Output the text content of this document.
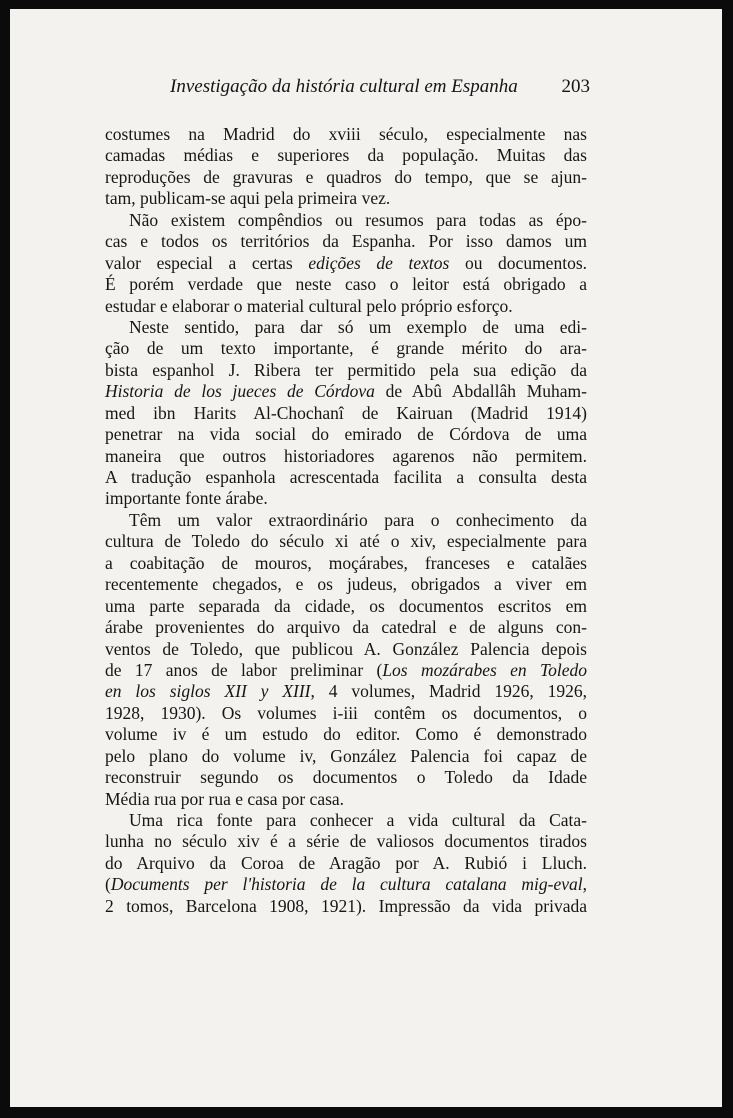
Investigação da história cultural em Espanha 203
costumes na Madrid do xviii século, especialmente nas
camadas médias e superiores da população. Muitas das
reproduções de gravuras e quadros do tempo, que se ajun-
tam, publicam-se aqui pela primeira vez.
Não existem compêndios ou resumos para todas as épo-
cas e todos os territórios da Espanha. Por isso damos um
valor especial a certas edições de textos ou documentos.
É porém verdade que neste caso o leitor está obrigado a
estudar e elaborar o material cultural pelo próprio esforço.
Neste sentido, para dar só um exemplo de uma edi-
ção de um texto importante, é grande mérito do ara-
bista espanhol J. Ribera ter permitido pela sua edição da
Historia de los jueces de Córdova de Abû Abdallâh Muham-
med ibn Harits Al-Chochanî de Kairuan (Madrid 1914)
penetrar na vida social do emirado de Córdova de uma
maneira que outros historiadores agarenos não permitem.
A tradução espanhola acrescentada facilita a consulta desta
importante fonte árabe.
Têm um valor extraordinário para o conhecimento da
cultura de Toledo do século xi até o xiv, especialmente para
a coabitação de mouros, moçárabes, franceses e catalães
recentemente chegados, e os judeus, obrigados a viver em
uma parte separada da cidade, os documentos escritos em
árabe provenientes do arquivo da catedral e de alguns con-
ventos de Toledo, que publicou A. González Palencia depois
de 17 anos de labor preliminar (Los mozárabes en Toledo
en los siglos XII y XIII, 4 volumes, Madrid 1926, 1926,
1928, 1930). Os volumes i-iii contêm os documentos, o
volume iv é um estudo do editor. Como é demonstrado
pelo plano do volume iv, González Palencia foi capaz de
reconstruir segundo os documentos o Toledo da Idade
Média rua por rua e casa por casa.
Uma rica fonte para conhecer a vida cultural da Cata-
lunha no século xiv é a série de valiosos documentos tirados
do Arquivo da Coroa de Aragão por A. Rubió i Lluch.
(Documents per l'historia de la cultura catalana mig-eval,
2 tomos, Barcelona 1908, 1921). Impressão da vida privada
